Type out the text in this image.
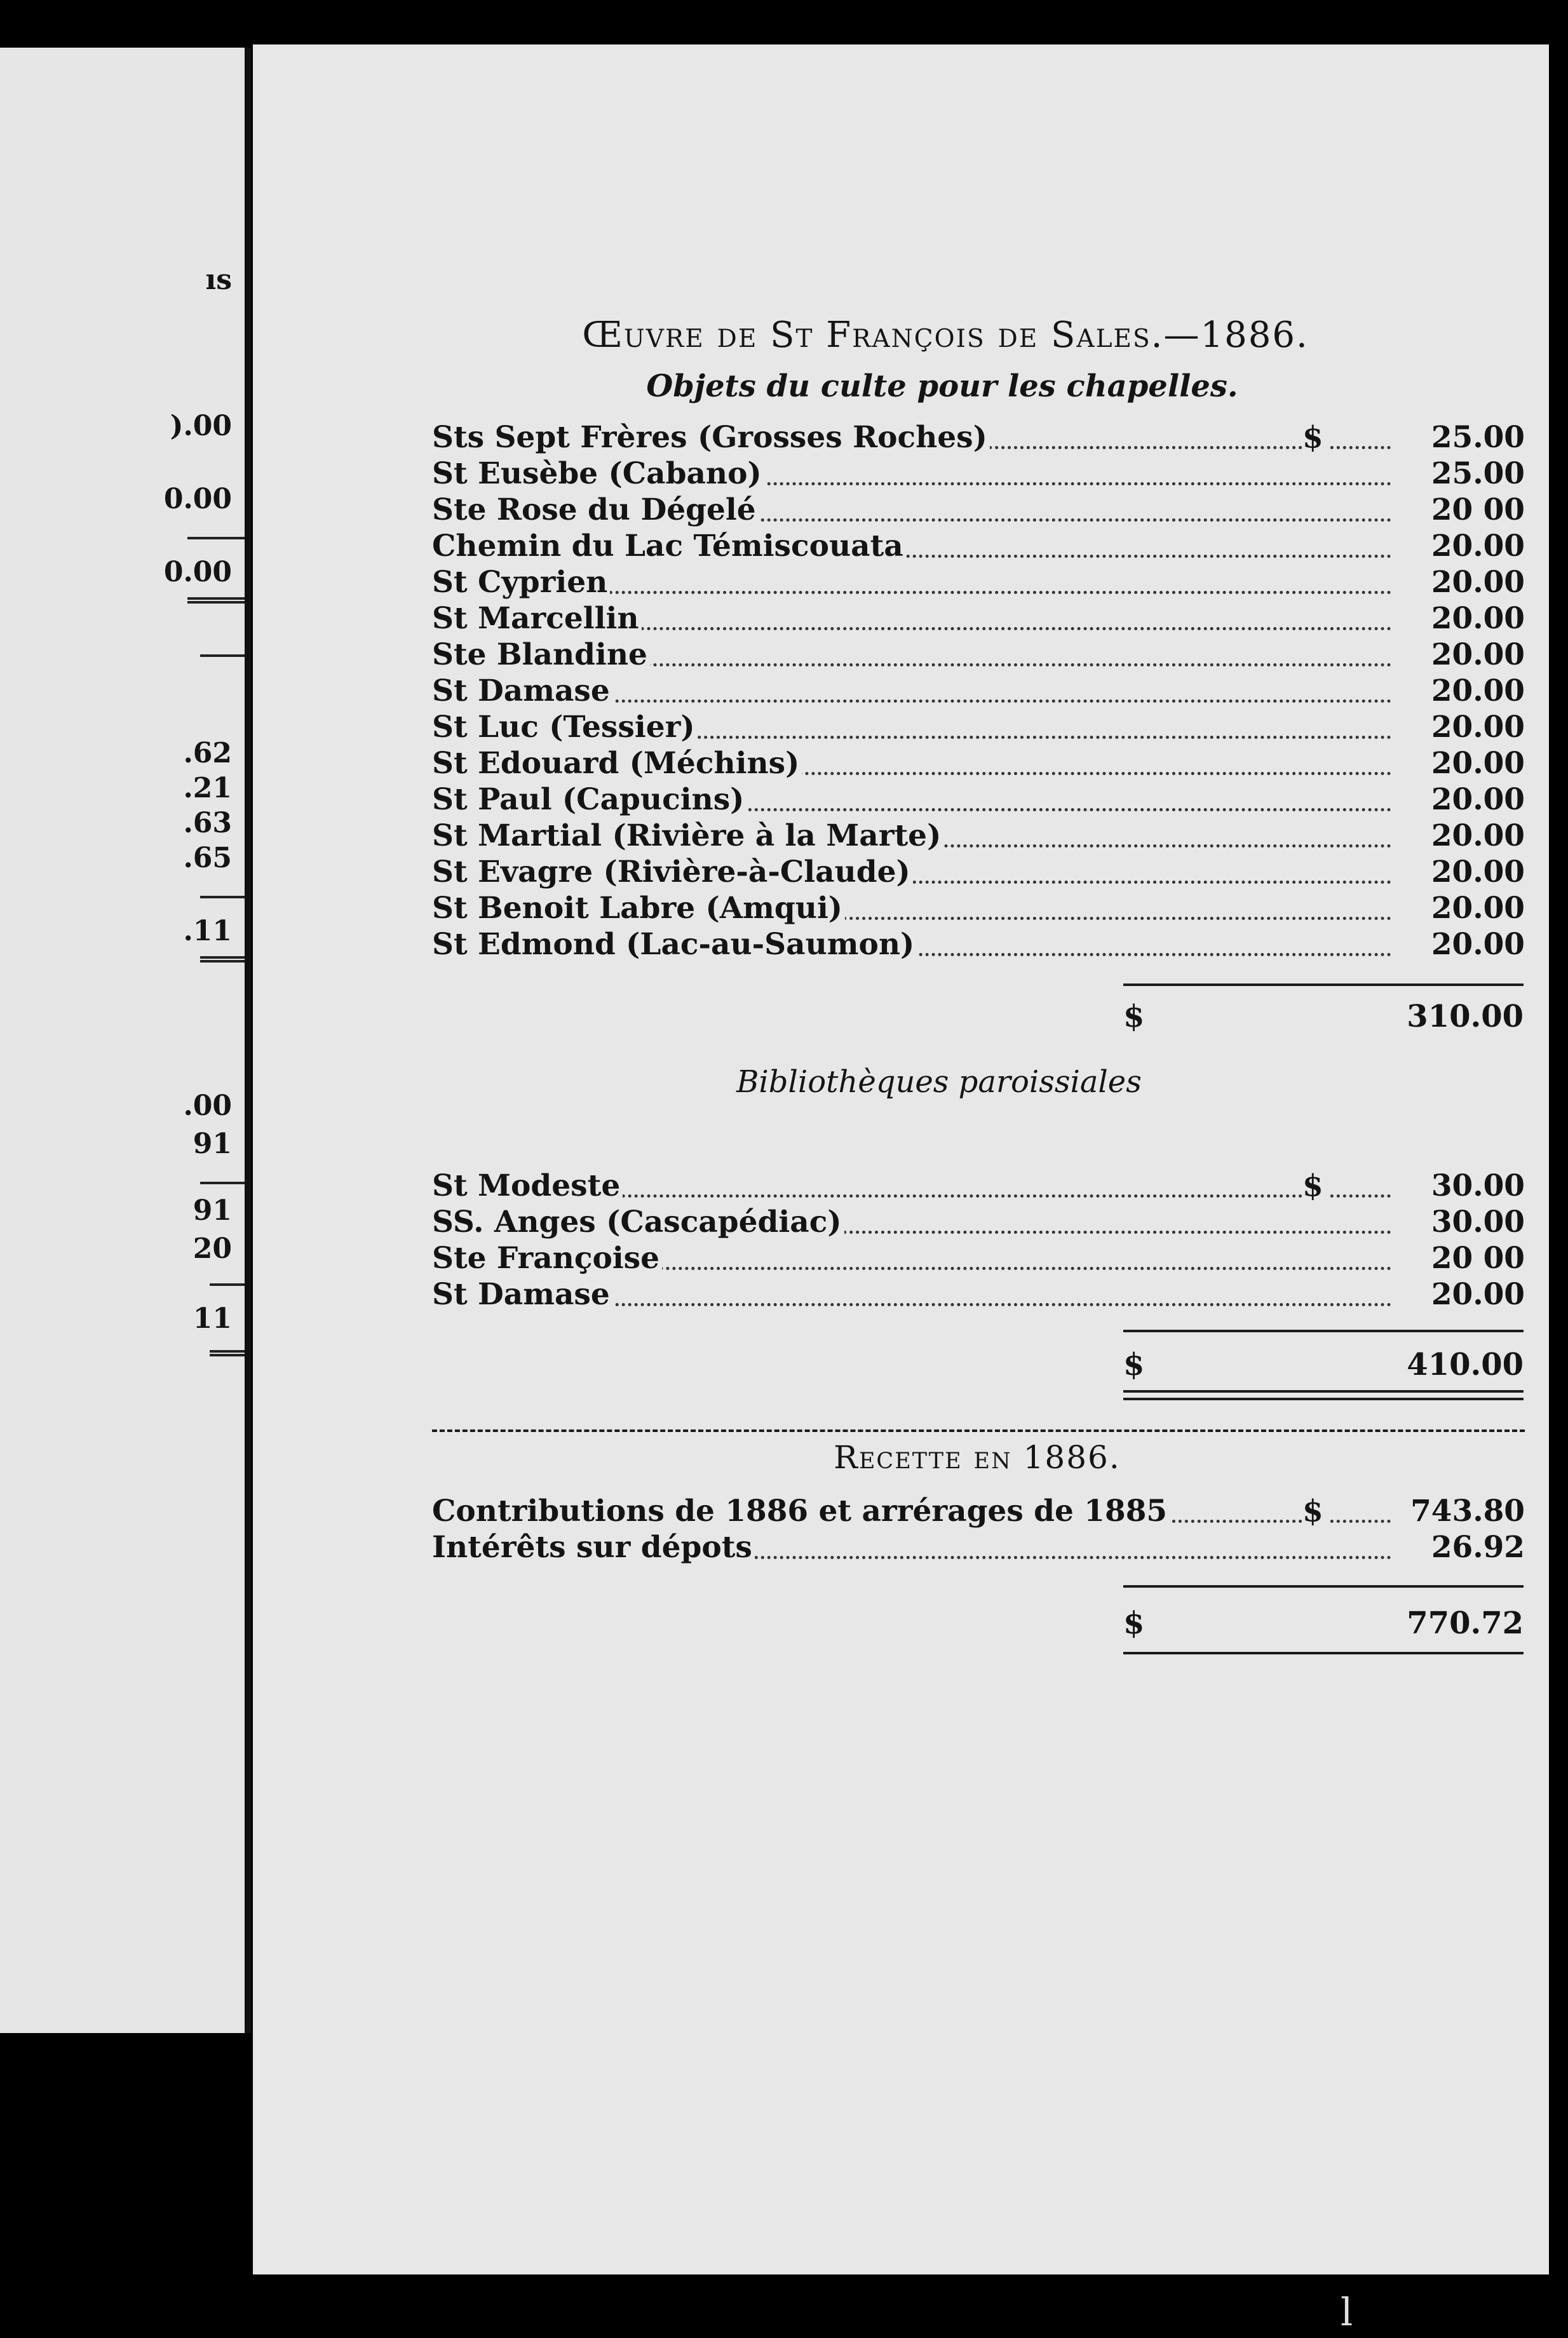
ıs
).00
0.00
0.00
.62
.21
.63
.65
.11
.00
91
91
20
11
Œuvre de St François de Sales.—1886.
Objets du culte pour les chapelles.
Sts Sept Frères (Grosses Roches)	$	25.00
St Eusèbe (Cabano)	25.00
Ste Rose du Dégelé	20 00
Chemin du Lac Témiscouata	20.00
St Cyprien	20.00
St Marcellin	20.00
Ste Blandine	20.00
St Damase	20.00
St Luc (Tessier)	20.00
St Edouard (Méchins)	20.00
St Paul (Capucins)	20.00
St Martial (Rivière à la Marte)	20.00
St Evagre (Rivière-à-Claude)	20.00
St Benoit Labre (Amqui)	20.00
St Edmond (Lac-au-Saumon)	20.00
$	310.00
Bibliothèques paroissiales
St Modeste	$	30.00
SS. Anges (Cascapédiac)	30.00
Ste Françoise	20 00
St Damase	20.00
$	410.00
Recette en 1886.
Contributions de 1886 et arrérages de 1885	$	743.80
Intérêts sur dépots	26.92
$	770.72
l
